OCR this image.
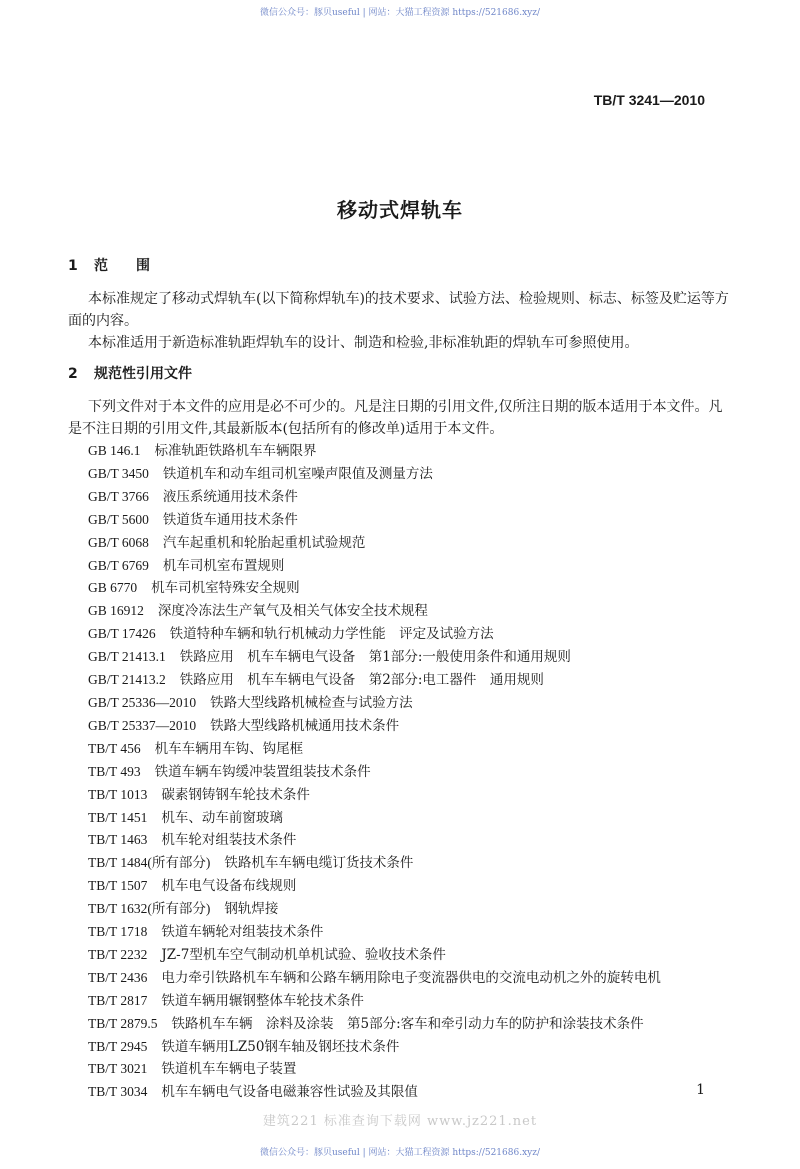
微信公众号：豚贝useful | 网站：大猫工程资源 https://521686.xyz/
TB/T 3241—2010
移动式焊轨车
1 范　　围
本标准规定了移动式焊轨车(以下简称焊轨车)的技术要求、试验方法、检验规则、标志、标签及贮运等方面的内容。
本标准适用于新造标准轨距焊轨车的设计、制造和检验,非标准轨距的焊轨车可参照使用。
2 规范性引用文件
下列文件对于本文件的应用是必不可少的。凡是注日期的引用文件,仅所注日期的版本适用于本文件。凡是不注日期的引用文件,其最新版本(包括所有的修改单)适用于本文件。
GB 146.1 标准轨距铁路机车车辆限界
GB/T 3450 铁道机车和动车组司机室噪声限值及测量方法
GB/T 3766 液压系统通用技术条件
GB/T 5600 铁道货车通用技术条件
GB/T 6068 汽车起重机和轮胎起重机试验规范
GB/T 6769 机车司机室布置规则
GB 6770 机车司机室特殊安全规则
GB 16912 深度冷冻法生产氧气及相关气体安全技术规程
GB/T 17426 铁道特种车辆和轨行机械动力学性能　评定及试验方法
GB/T 21413.1 铁路应用　机车车辆电气设备　第1部分:一般使用条件和通用规则
GB/T 21413.2 铁路应用　机车车辆电气设备　第2部分:电工器件　通用规则
GB/T 25336—2010 铁路大型线路机械检查与试验方法
GB/T 25337—2010 铁路大型线路机械通用技术条件
TB/T 456 机车车辆用车钩、钩尾框
TB/T 493 铁道车辆车钩缓冲装置组装技术条件
TB/T 1013 碳素钢铸钢车轮技术条件
TB/T 1451 机车、动车前窗玻璃
TB/T 1463 机车轮对组装技术条件
TB/T 1484(所有部分) 铁路机车车辆电缆订货技术条件
TB/T 1507 机车电气设备布线规则
TB/T 1632(所有部分) 钢轨焊接
TB/T 1718 铁道车辆轮对组装技术条件
TB/T 2232 JZ-7型机车空气制动机单机试验、验收技术条件
TB/T 2436 电力牵引铁路机车车辆和公路车辆用除电子变流器供电的交流电动机之外的旋转电机
TB/T 2817 铁道车辆用辗钢整体车轮技术条件
TB/T 2879.5 铁路机车车辆　涂料及涂装　第5部分:客车和牵引动力车的防护和涂装技术条件
TB/T 2945 铁道车辆用LZ50钢车轴及钢坯技术条件
TB/T 3021 铁道机车车辆电子装置
TB/T 3034 机车车辆电气设备电磁兼容性试验及其限值	1
建筑221 标准查询下载网 www.jz221.net
微信公众号：豚贝useful | 网站：大猫工程资源 https://521686.xyz/
